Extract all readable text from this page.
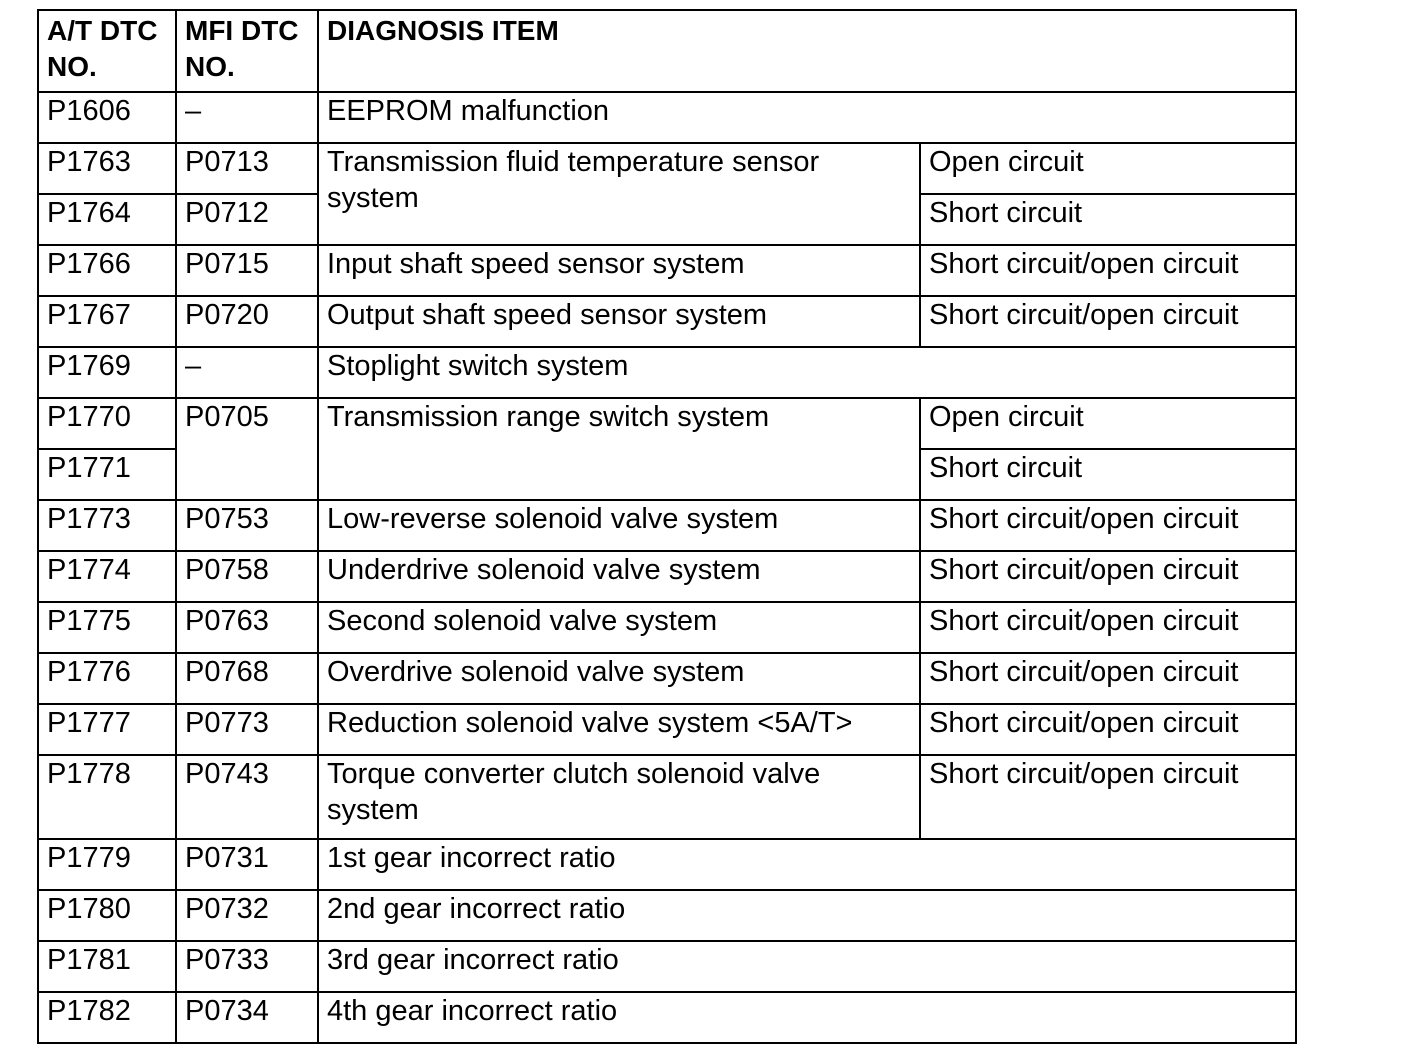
A/T DTC NO.	MFI DTC NO.	DIAGNOSIS ITEM	
P1606	–	EEPROM malfunction	
P1763	P0713	Transmission fluid temperature sensor system	Open circuit
P1764	P0712		Short circuit
P1766	P0715	Input shaft speed sensor system	Short circuit/open circuit
P1767	P0720	Output shaft speed sensor system	Short circuit/open circuit
P1769	–	Stoplight switch system	
P1770	P0705	Transmission range switch system	Open circuit
P1771			Short circuit
P1773	P0753	Low-reverse solenoid valve system	Short circuit/open circuit
P1774	P0758	Underdrive solenoid valve system	Short circuit/open circuit
P1775	P0763	Second solenoid valve system	Short circuit/open circuit
P1776	P0768	Overdrive solenoid valve system	Short circuit/open circuit
P1777	P0773	Reduction solenoid valve system <5A/T>	Short circuit/open circuit
P1778	P0743	Torque converter clutch solenoid valve system	Short circuit/open circuit
P1779	P0731	1st gear incorrect ratio	
P1780	P0732	2nd gear incorrect ratio	
P1781	P0733	3rd gear incorrect ratio	
P1782	P0734	4th gear incorrect ratio	
